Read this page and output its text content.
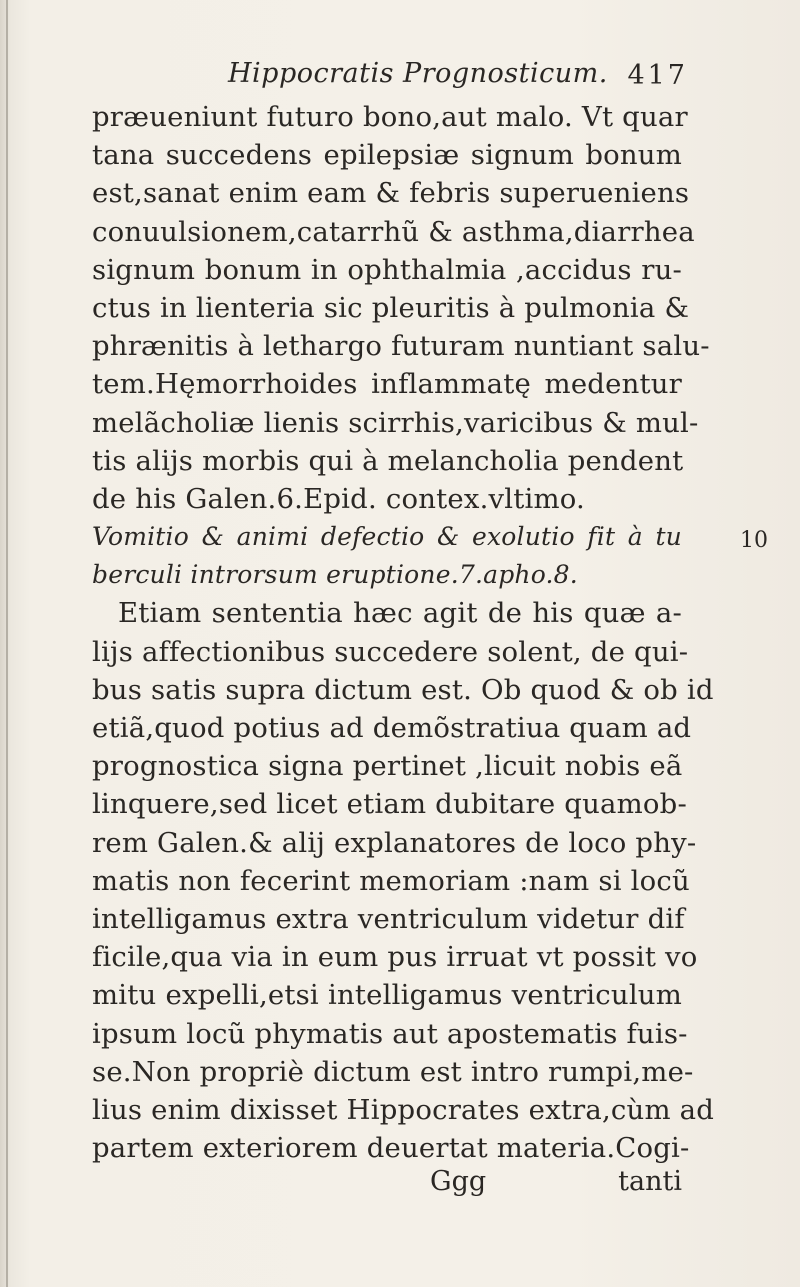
Hippocratis Prognosticum. 417
præueniunt futuro bono,aut malo. Vt quar
tana succedens epilepsiæ signum bonum
est,sanat enim eam & febris superueniens
conuulsionem,catarrhũ & asthma,diarrhea
signum bonum in ophthalmia ,accidus ru-
ctus in lienteria sic pleuritis à pulmonia &
phrænitis à lethargo futuram nuntiant salu-
tem.Hęmorrhoides inflammatę medentur
melãcholiæ lienis scirrhis,varicibus & mul-
tis alijs morbis qui à melancholia pendent
de his Galen.6.Epid. contex.vltimo.
Vomitio & animi defectio & exolutio fit à tu
berculi introrsum eruptione.7.apho.8.
Etiam sententia hæc agit de his quæ a-
lijs affectionibus succedere solent, de qui-
bus satis supra dictum est. Ob quod & ob id
etiã,quod potius ad demõstratiua quam ad
prognostica signa pertinet ,licuit nobis eã
linquere,sed licet etiam dubitare quamob-
rem Galen.& alij explanatores de loco phy-
matis non fecerint memoriam :nam si locũ
intelligamus extra ventriculum videtur dif
ficile,qua via in eum pus irruat vt possit vo
mitu expelli,etsi intelligamus ventriculum
ipsum locũ phymatis aut apostematis fuis-
se.Non propriè dictum est intro rumpi,me-
lius enim dixisset Hippocrates extra,cùm ad
partem exteriorem deuertat materia.Cogi-
10
Ggg	tanti
